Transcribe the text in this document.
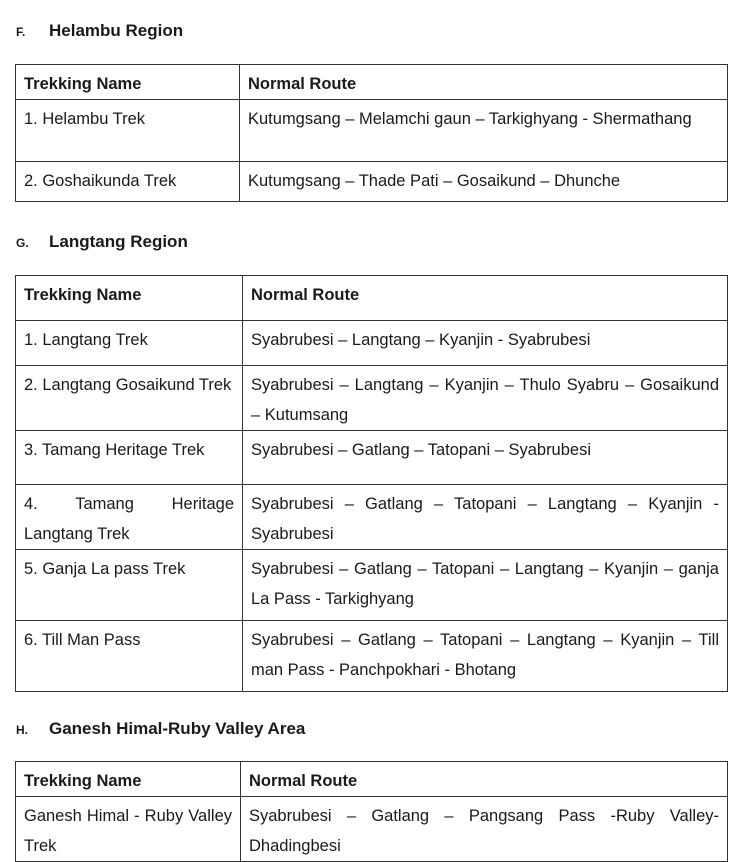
F.	Helambu Region
Trekking Name	Normal Route
1. Helambu Trek	Kutumgsang – Melamchi gaun – Tarkighyang - Shermathang
2. Goshaikunda Trek	Kutumgsang – Thade Pati – Gosaikund – Dhunche
G.	Langtang Region
Trekking Name	Normal Route
1. Langtang Trek	Syabrubesi – Langtang – Kyanjin - Syabrubesi
2. Langtang Gosaikund Trek	Syabrubesi – Langtang – Kyanjin – Thulo Syabru – Gosaikund – Kutumsang
3. Tamang Heritage Trek	Syabrubesi – Gatlang – Tatopani – Syabrubesi
4. Tamang Heritage Langtang Trek	Syabrubesi – Gatlang – Tatopani – Langtang – Kyanjin - Syabrubesi
5. Ganja La pass Trek	Syabrubesi – Gatlang – Tatopani – Langtang – Kyanjin – ganja La Pass - Tarkighyang
6. Till Man Pass	Syabrubesi – Gatlang – Tatopani – Langtang – Kyanjin – Till man Pass - Panchpokhari - Bhotang
H.	Ganesh Himal-Ruby Valley Area
Trekking Name	Normal Route
Ganesh Himal - Ruby Valley Trek	Syabrubesi – Gatlang – Pangsang Pass -Ruby Valley-Dhadingbesi
